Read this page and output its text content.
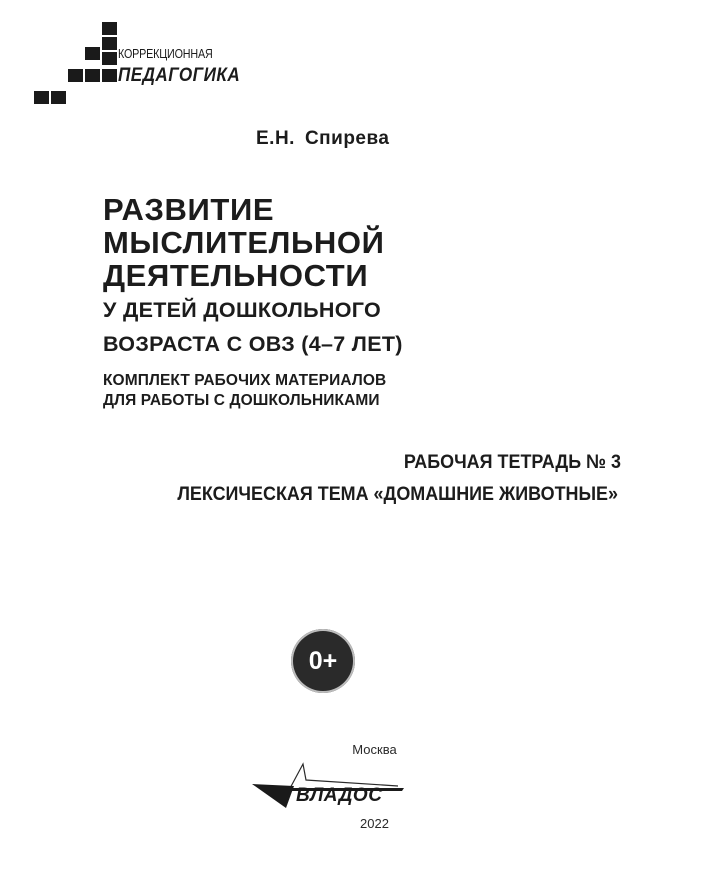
КОРРЕКЦИОННАЯ
ПЕДАГОГИКА
Е.Н. Спирева
РАЗВИТИЕ
МЫСЛИТЕЛЬНОЙ
ДЕЯТЕЛЬНОСТИ
У ДЕТЕЙ ДОШКОЛЬНОГО
ВОЗРАСТА С ОВЗ (4–7 ЛЕТ)
КОМПЛЕКТ РАБОЧИХ МАТЕРИАЛОВ
ДЛЯ РАБОТЫ С ДОШКОЛЬНИКАМИ
РАБОЧАЯ ТЕТРАДЬ № 3
ЛЕКСИЧЕСКАЯ ТЕМА «ДОМАШНИЕ ЖИВОТНЫЕ»
0+
Москва
ВЛАДОС
2022
